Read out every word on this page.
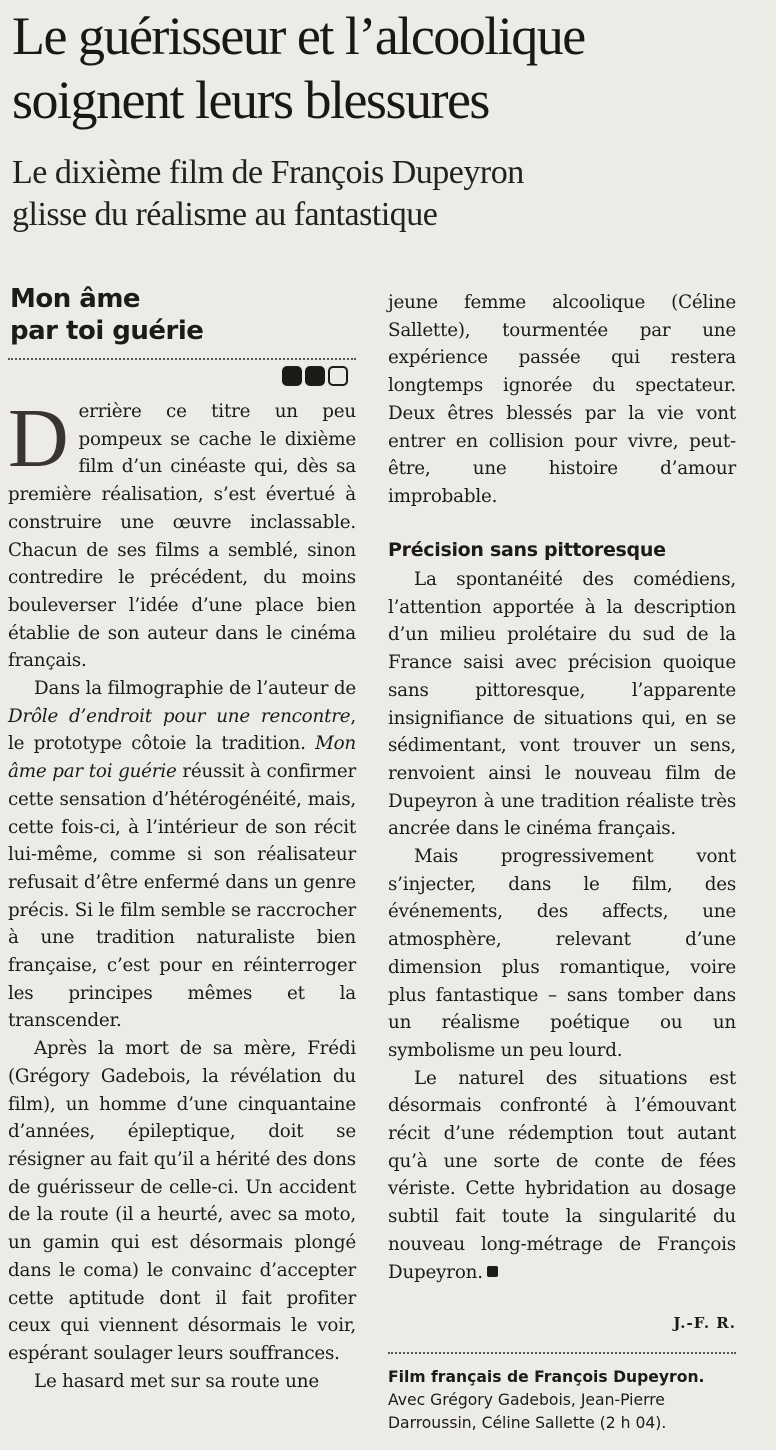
Le guérisseur et l’alcoolique
soignent leurs blessures
Le dixième film de François Dupeyron
glisse du réalisme au fantastique
Mon âme
par toi guérie

Derrière ce titre un peu pompeux se cache le dixième film d’un cinéaste qui, dès sa première réalisation, s’est évertué à construire une œuvre inclassable. Chacun de ses films a semblé, sinon contredire le précédent, du moins bouleverser l’idée d’une place bien établie de son auteur dans le cinéma français.

Dans la filmographie de l’auteur de Drôle d’endroit pour une rencontre, le prototype côtoie la tradition. Mon âme par toi guérie réussit à confirmer cette sensation d’hétérogénéité, mais, cette fois-ci, à l’intérieur de son récit lui-même, comme si son réalisateur refusait d’être enfermé dans un genre précis. Si le film semble se raccrocher à une tradition naturaliste bien française, c’est pour en réinterroger les principes mêmes et la transcender.

Après la mort de sa mère, Frédi (Grégory Gadebois, la révélation du film), un homme d’une cinquantaine d’années, épileptique, doit se résigner au fait qu’il a hérité des dons de guérisseur de celle-ci. Un accident de la route (il a heurté, avec sa moto, un gamin qui est désormais plongé dans le coma) le convainc d’accepter cette aptitude dont il fait profiter ceux qui viennent désormais le voir, espérant soulager leurs souffrances.

Le hasard met sur sa route une

jeune femme alcoolique (Céline Sallette), tourmentée par une expérience passée qui restera longtemps ignorée du spectateur. Deux êtres blessés par la vie vont entrer en collision pour vivre, peut-être, une histoire d’amour improbable.

Précision sans pittoresque

La spontanéité des comédiens, l’attention apportée à la description d’un milieu prolétaire du sud de la France saisi avec précision quoique sans pittoresque, l’apparente insignifiance de situations qui, en se sédimentant, vont trouver un sens, renvoient ainsi le nouveau film de Dupeyron à une tradition réaliste très ancrée dans le cinéma français.

Mais progressivement vont s’injecter, dans le film, des événements, des affects, une atmosphère, relevant d’une dimension plus romantique, voire plus fantastique – sans tomber dans un réalisme poétique ou un symbolisme un peu lourd.

Le naturel des situations est désormais confronté à l’émouvant récit d’une rédemption tout autant qu’à une sorte de conte de fées vériste. Cette hybridation au dosage subtil fait toute la singularité du nouveau long-métrage de François Dupeyron.

J.-F. R.

Film français de François Dupeyron.
Avec Grégory Gadebois, Jean-Pierre Darroussin, Céline Sallette (2 h 04).
